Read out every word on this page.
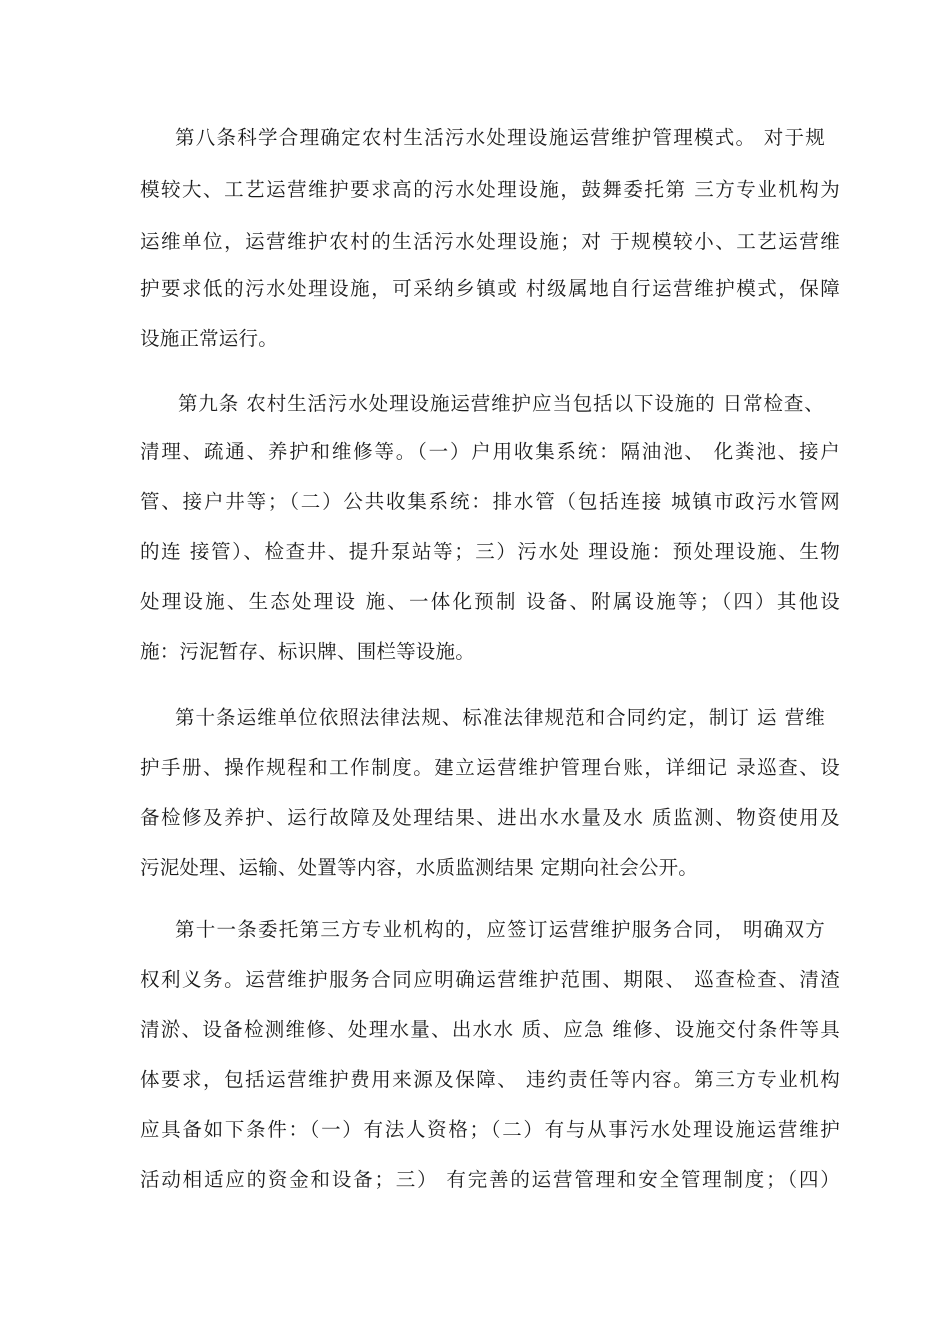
第八条科学合理确定农村生活污水处理设施运营维护管理模式。 对于规
模较大、工艺运营维护要求高的污水处理设施，鼓舞委托第 三方专业机构为
运维单位，运营维护农村的生活污水处理设施；对 于规模较小、工艺运营维
护要求低的污水处理设施，可采纳乡镇或 村级属地自行运营维护模式，保障
设施正常运行。
第九条 农村生活污水处理设施运营维护应当包括以下设施的 日常检查、
清理、疏通、养护和维修等。（一）户用收集系统：隔油池、 化粪池、接户
管、接户井等；（二）公共收集系统：排水管（包括连接 城镇市政污水管网
的连 接管）、检查井、提升泵站等；三）污水处 理设施：预处理设施、生物
处理设施、生态处理设 施、一体化预制 设备、附属设施等；（四）其他设
施：污泥暂存、标识牌、围栏等设施。
第十条运维单位依照法律法规、标准法律规范和合同约定，制订 运 营维
护手册、操作规程和工作制度。建立运营维护管理台账，详细记 录巡查、设
备检修及养护、运行故障及处理结果、进出水水量及水 质监测、物资使用及
污泥处理、运输、处置等内容，水质监测结果 定期向社会公开。
第十一条委托第三方专业机构的，应签订运营维护服务合同， 明确双方
权利义务。运营维护服务合同应明确运营维护范围、期限、 巡查检查、清渣
清淤、设备检测维修、处理水量、出水水 质、应急 维修、设施交付条件等具
体要求，包括运营维护费用来源及保障、 违约责任等内容。第三方专业机构
应具备如下条件：（一）有法人资格；（二）有与从事污水处理设施运营维护
活动相适应的资金和设备；三） 有完善的运营管理和安全管理制度；（四）
